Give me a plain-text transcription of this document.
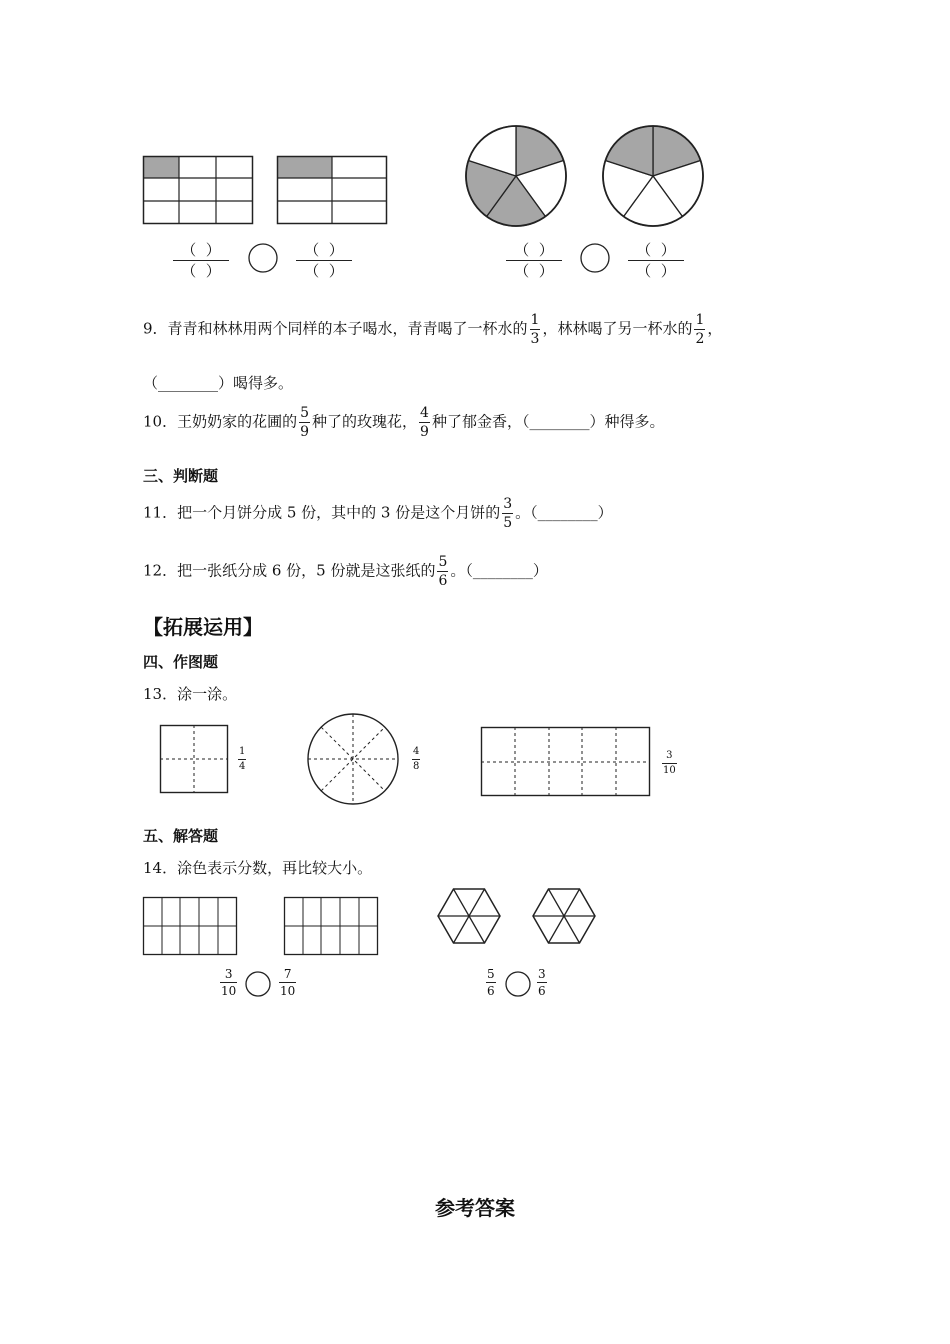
（ ）
（ ）
（ ）
（ ）
（ ）
（ ）
（ ）
（ ）
9．青青和林林用两个同样的本子喝水，青青喝了一杯水的 $\frac{1}{3}$ ，林林喝了另一杯水的 $\frac{1}{2}$ ，
（________）喝得多。
10．王奶奶家的花圃的 $\frac{5}{9}$ 种了的玫瑰花， $\frac{4}{9}$ 种了郁金香，（________）种得多。
三、判断题
11．把一个月饼分成 5 份，其中的 3 份是这个月饼的 $\frac{3}{5}$ 。（________）
12．把一张纸分成 6 份，5 份就是这张纸的 $\frac{5}{6}$ 。（________）
【拓展运用】
四、作图题
13．涂一涂。
$\frac{1}{4}$	$\frac{4}{8}$	$\frac{3}{10}$
五、解答题
14．涂色表示分数，再比较大小。
$\frac{3}{10}$	$\frac{7}{10}$	$\frac{5}{6}$	$\frac{3}{6}$
参考答案
